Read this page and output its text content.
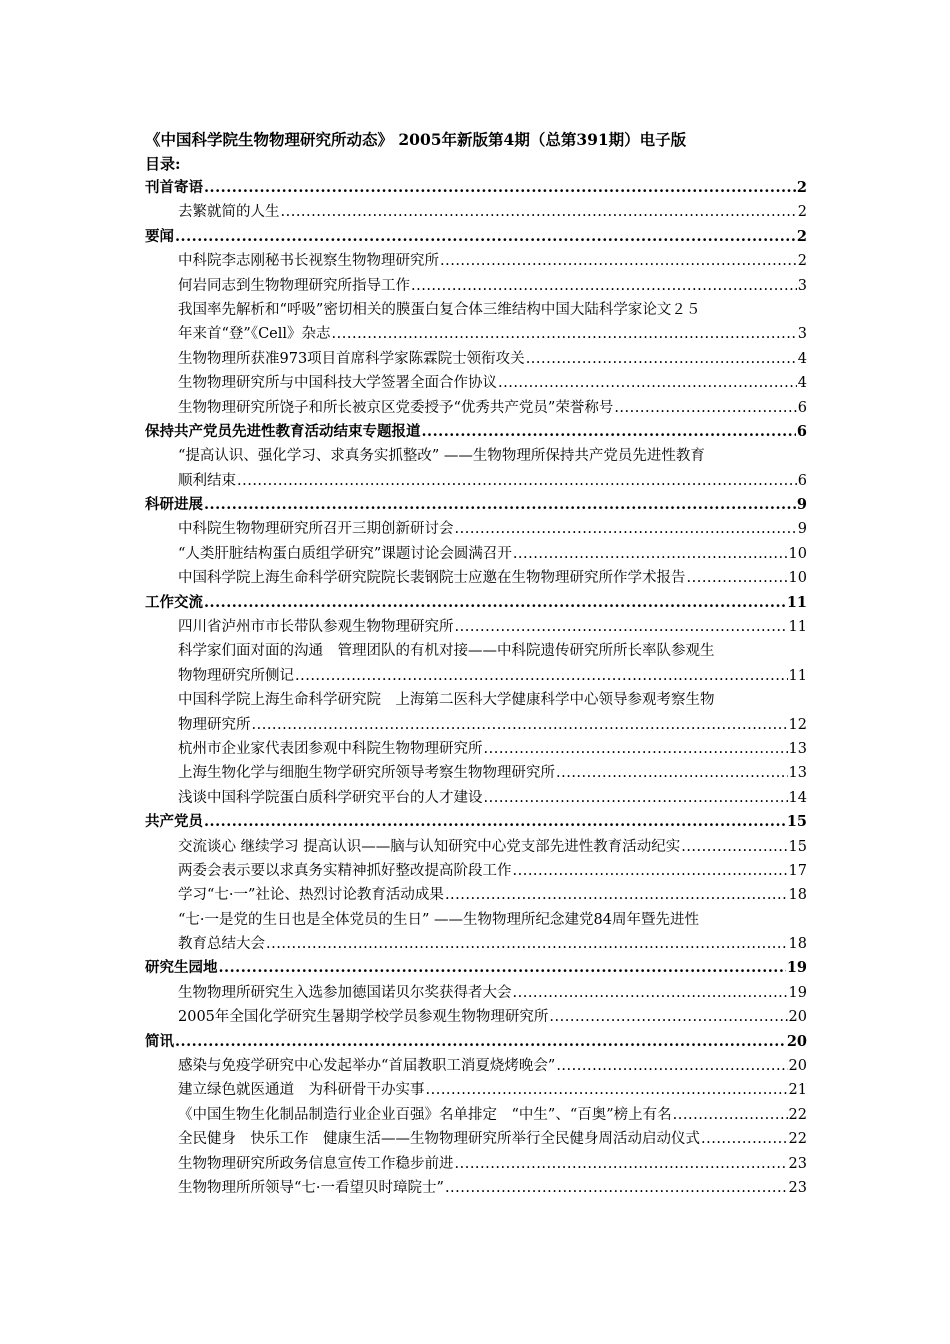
《中国科学院生物物理研究所动态》 2005年新版第4期（总第391期）电子版
目录:
刊首寄语 .....	2
去繁就简的人生 .....	2
要闻 .....	2
中科院李志刚秘书长视察生物物理研究所 .....	2
何岩同志到生物物理研究所指导工作 .....	3
我国率先解析和“呼吸”密切相关的膜蛋白复合体三维结构中国大陆科学家论文２５
年来首“登”《Cell》杂志 .....	3
生物物理所获准973项目首席科学家陈霖院士领衔攻关 .....	4
生物物理研究所与中国科技大学签署全面合作协议 .....	4
生物物理研究所饶子和所长被京区党委授予“优秀共产党员”荣誉称号 .....	6
保持共产党员先进性教育活动结束专题报道 .....	6
“提高认识、强化学习、求真务实抓整改” ——生物物理所保持共产党员先进性教育
顺利结束 .....	6
科研进展 .....	9
中科院生物物理研究所召开三期创新研讨会 .....	9
“人类肝脏结构蛋白质组学研究”课题讨论会圆满召开 .....	10
中国科学院上海生命科学研究院院长裴钢院士应邀在生物物理研究所作学术报告 .....	10
工作交流 .....	11
四川省泸州市市长带队参观生物物理研究所 .....	11
科学家们面对面的沟通　管理团队的有机对接——中科院遗传研究所所长率队参观生
物物理研究所侧记 .....	11
中国科学院上海生命科学研究院　上海第二医科大学健康科学中心领导参观考察生物
物理研究所 .....	12
杭州市企业家代表团参观中科院生物物理研究所 .....	13
上海生物化学与细胞生物学研究所领导考察生物物理研究所 .....	13
浅谈中国科学院蛋白质科学研究平台的人才建设 .....	14
共产党员 .....	15
交流谈心 继续学习 提高认识——脑与认知研究中心党支部先进性教育活动纪实 .....	15
两委会表示要以求真务实精神抓好整改提高阶段工作 .....	17
学习“七·一”社论、热烈讨论教育活动成果 .....	18
“七·一是党的生日也是全体党员的生日” ——生物物理所纪念建党84周年暨先进性
教育总结大会 .....	18
研究生园地 .....	19
生物物理所研究生入选参加德国诺贝尔奖获得者大会 .....	19
2005年全国化学研究生暑期学校学员参观生物物理研究所 .....	20
简讯 .....	20
感染与免疫学研究中心发起举办“首届教职工消夏烧烤晚会” .....	20
建立绿色就医通道　为科研骨干办实事 .....	21
《中国生物生化制品制造行业企业百强》名单排定　“中生”、“百奥”榜上有名 .....	22
全民健身　快乐工作　健康生活——生物物理研究所举行全民健身周活动启动仪式 .....	22
生物物理研究所政务信息宣传工作稳步前进 .....	23
生物物理所所领导“七·一看望贝时璋院士” .....	23
